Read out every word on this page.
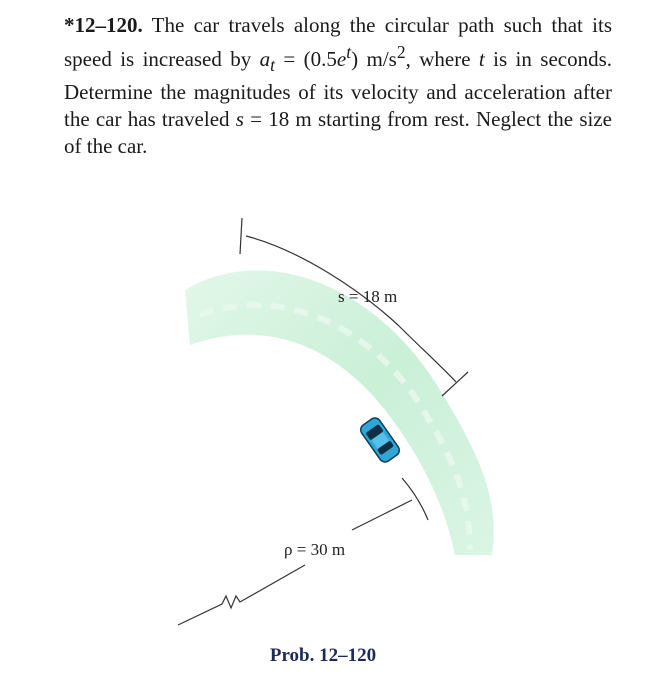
*12–120. The car travels along the circular path such that its speed is increased by $a_t = (0.5e^t)$ $m/s^2$, where t is in seconds. Determine the magnitudes of its velocity and acceleration after the car has traveled s = 18 m starting from rest. Neglect the size of the car.
s = 18 m
ρ = 30 m
Prob. 12–120
